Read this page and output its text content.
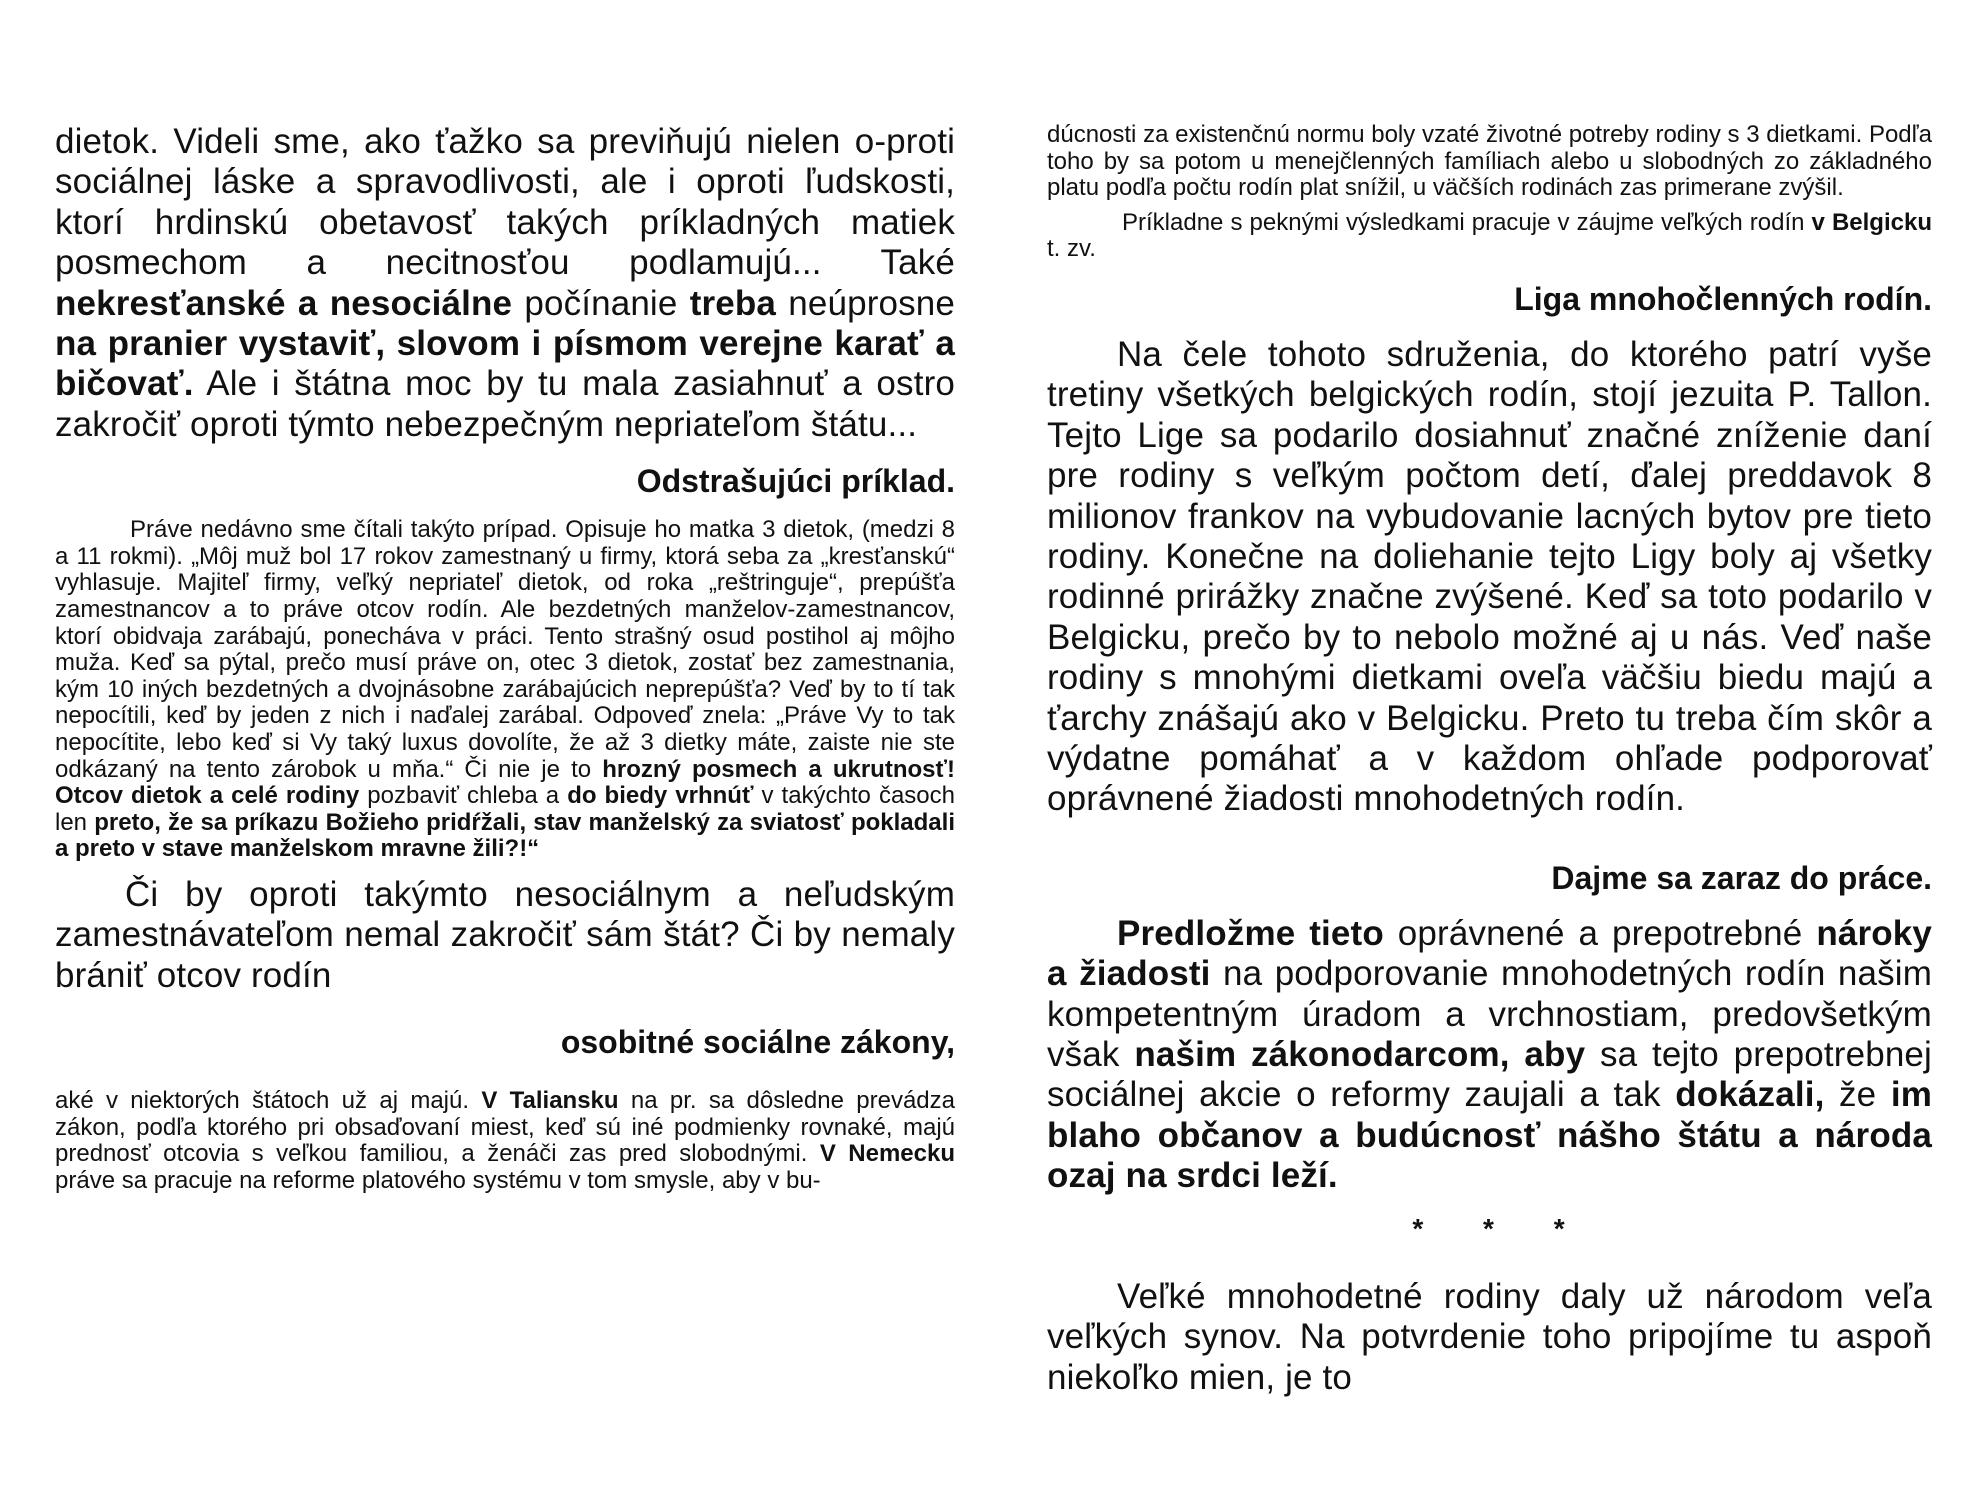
dietok. Videli sme, ako ťažko sa previňujú nielen o-proti sociálnej láske a spravodlivosti, ale i oproti ľudskosti, ktorí hrdinskú obetavosť takých príkladných matiek posmechom a necitnosťou podlamujú... Také nekresťanské a nesociálne počínanie treba neúprosne na pranier vystaviť, slovom i písmom verejne karať a bičovať. Ale i štátna moc by tu mala zasiahnuť a ostro zakročiť oproti týmto nebezpečným nepriateľom štátu...

Odstrašujúci príklad.

Práve nedávno sme čítali takýto prípad. Opisuje ho matka 3 dietok, (medzi 8 a 11 rokmi). „Môj muž bol 17 rokov zamestnaný u firmy, ktorá seba za „kresťanskú“ vyhlasuje. Majiteľ firmy, veľký nepriateľ dietok, od roka „reštringuje“, prepúšťa zamestnancov a to práve otcov rodín. Ale bezdetných manželov-zamestnancov, ktorí obidvaja zarábajú, ponecháva v práci. Tento strašný osud postihol aj môjho muža. Keď sa pýtal, prečo musí práve on, otec 3 dietok, zostať bez zamestnania, kým 10 iných bezdetných a dvojnásobne zarábajúcich neprepúšťa? Veď by to tí tak nepocítili, keď by jeden z nich i naďalej zarábal. Odpoveď znela: „Práve Vy to tak nepocítite, lebo keď si Vy taký luxus dovolíte, že až 3 dietky máte, zaiste nie ste odkázaný na tento zárobok u mňa.“ Či nie je to hrozný posmech a ukrutnosť! Otcov dietok a celé rodiny pozbaviť chleba a do biedy vrhnúť v takýchto časoch len preto, že sa príkazu Božieho pridŕžali, stav manželský za sviatosť pokladali a preto v stave manželskom mravne žili?!“

Či by oproti takýmto nesociálnym a neľudským zamestnávateľom nemal zakročiť sám štát? Či by nemaly brániť otcov rodín

osobitné sociálne zákony,

aké v niektorých štátoch už aj majú. V Taliansku na pr. sa dôsledne prevádza zákon, podľa ktorého pri obsaďovaní miest, keď sú iné podmienky rovnaké, majú prednosť otcovia s veľkou familiou, a ženáči zas pred slobodnými. V Nemecku práve sa pracuje na reforme platového systému v tom smysle, aby v bu-

dúcnosti za existenčnú normu boly vzaté životné potreby rodiny s 3 dietkami. Podľa toho by sa potom u menejčlenných famíliach alebo u slobodných zo základného platu podľa počtu rodín plat snížil, u väčších rodinách zas primerane zvýšil.

Príkladne s peknými výsledkami pracuje v záujme veľkých rodín v Belgicku t. zv.

Liga mnohočlenných rodín.

Na čele tohoto sdruženia, do ktorého patrí vyše tretiny všetkých belgických rodín, stojí jezuita P. Tallon. Tejto Lige sa podarilo dosiahnuť značné zníženie daní pre rodiny s veľkým počtom detí, ďalej preddavok 8 milionov frankov na vybudovanie lacných bytov pre tieto rodiny. Konečne na doliehanie tejto Ligy boly aj všetky rodinné prirážky značne zvýšené. Keď sa toto podarilo v Belgicku, prečo by to nebolo možné aj u nás. Veď naše rodiny s mnohými dietkami oveľa väčšiu biedu majú a ťarchy znášajú ako v Belgicku. Preto tu treba čím skôr a výdatne pomáhať a v každom ohľade podporovať oprávnené žiadosti mnohodetných rodín.

Dajme sa zaraz do práce.

Predložme tieto oprávnené a prepotrebné nároky a žiadosti na podporovanie mnohodetných rodín našim kompetentným úradom a vrchnostiam, predovšetkým však našim zákonodarcom, aby sa tejto prepotrebnej sociálnej akcie o reformy zaujali a tak dokázali, že im blaho občanov a budúcnosť nášho štátu a národa ozaj na srdci leží.

* * *

Veľké mnohodetné rodiny daly už národom veľa veľkých synov. Na potvrdenie toho pripojíme tu aspoň niekoľko mien, je to
